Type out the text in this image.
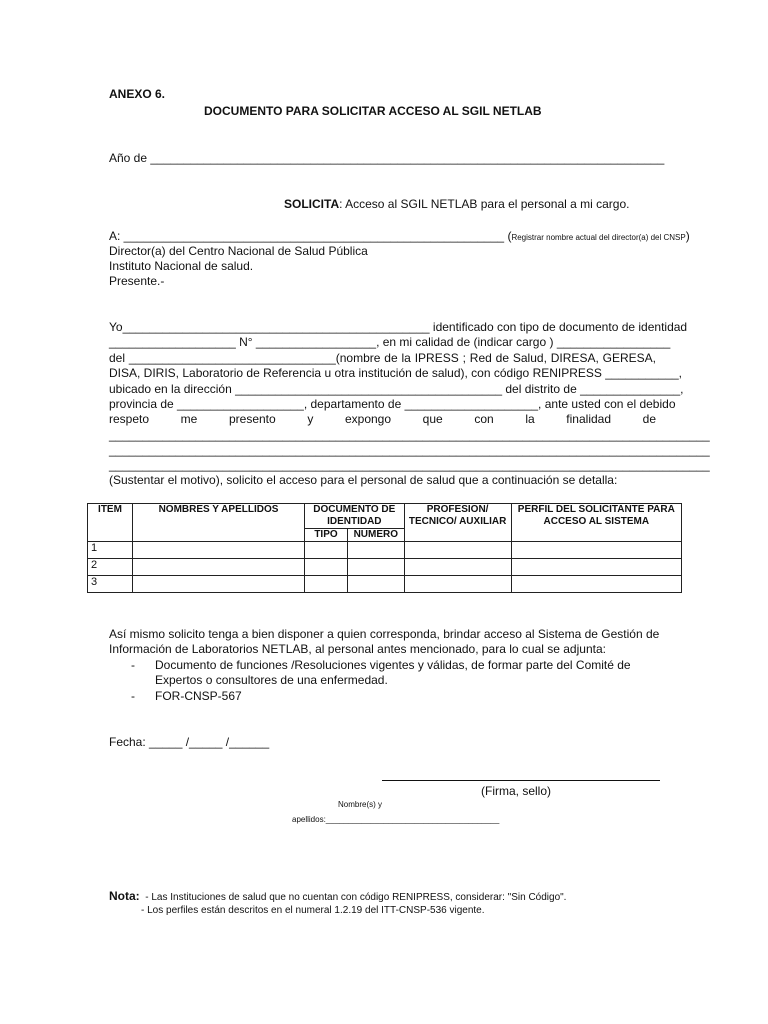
ANEXO 6.
DOCUMENTO PARA SOLICITAR ACCESO AL SGIL NETLAB
Año de _____________________________________________________________________________
SOLICITA: Acceso al SGIL NETLAB para el personal a mi cargo.
A: _________________________________________________________ (Registrar nombre actual del director(a) del CNSP)
Director(a) del Centro Nacional de Salud Pública
Instituto Nacional de salud.
Presente.-
Yo______________________________________________ identificado con tipo de documento de identidad
___________________ N° __________________, en mi calidad de (indicar cargo ) _________________
del _______________________________(nombre de la IPRESS ; Red de Salud, DIRESA, GERESA,
DISA, DIRIS, Laboratorio de Referencia u otra institución de salud), con código RENIPRESS ___________,
ubicado en la dirección ________________________________________ del distrito de _______________,
provincia de ___________________, departamento de ____________________, ante usted con el debido
respeto me presento y expongo que con la finalidad de
__________________________________________________________________________________________
__________________________________________________________________________________________
__________________________________________________________________________________________
(Sustentar el motivo), solicito el acceso para el personal de salud que a continuación se detalla:
ITEM	NOMBRES Y APELLIDOS	DOCUMENTO DE IDENTIDAD		PROFESION/ TECNICO/ AUXILIAR	PERFIL DEL SOLICITANTE PARA ACCESO AL SISTEMA
		TIPO	NUMERO		
1					
2					
3					
Así mismo solicito tenga a bien disponer a quien corresponda, brindar acceso al Sistema de Gestión de
Información de Laboratorios NETLAB, al personal antes mencionado, para lo cual se adjunta:
- Documento de funciones /Resoluciones vigentes y válidas, de formar parte del Comité de
Expertos o consultores de una enfermedad.
- FOR-CNSP-567
Fecha: _____ /_____ /______
(Firma, sello)
Nombre(s) y
apellidos:_______________________________________
Nota: - Las Instituciones de salud que no cuentan con código RENIPRESS, considerar: "Sin Código".
- Los perfiles están descritos en el numeral 1.2.19 del ITT-CNSP-536 vigente.
